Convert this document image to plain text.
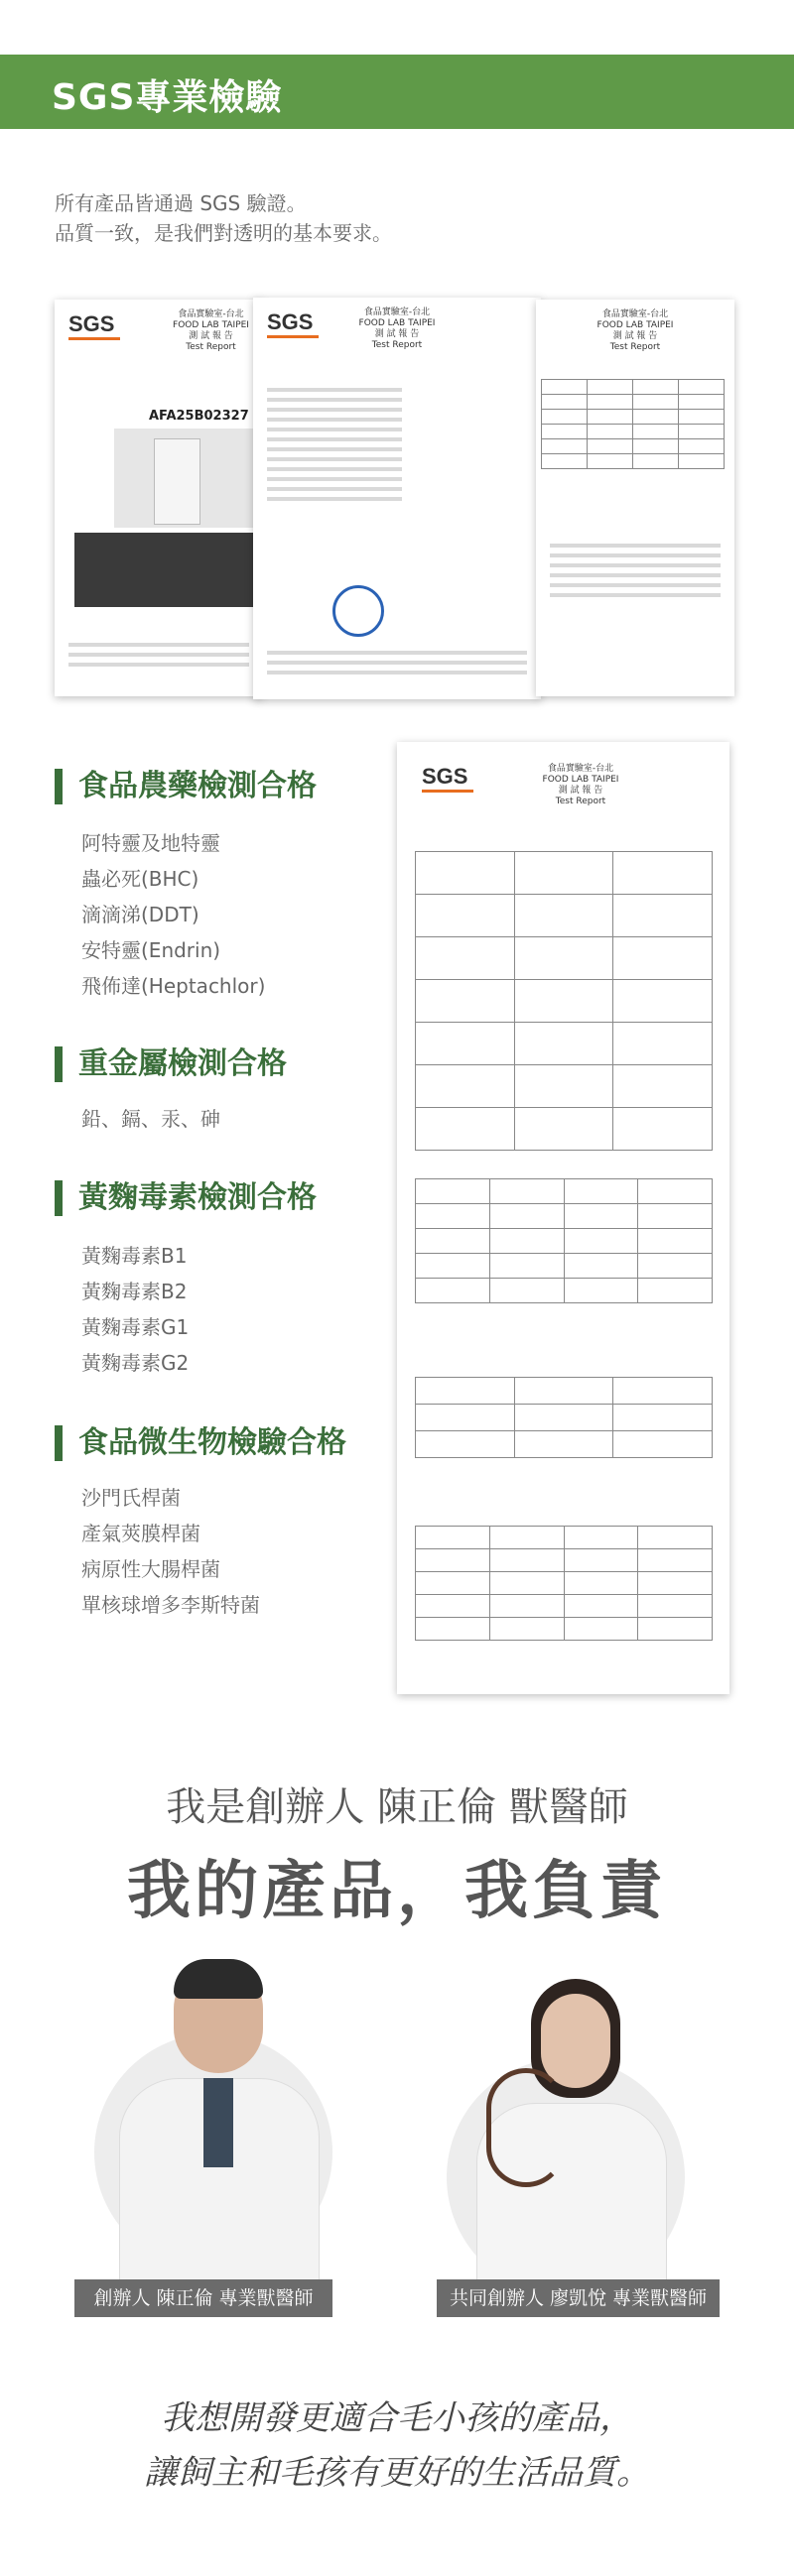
SGS專業檢驗
所有產品皆通過 SGS 驗證。
品質一致，是我們對透明的基本要求。
SGS	食品實驗室-台北
FOOD LAB TAIPEI
測 試 報 告
Test Report
AFA25B02327
SGS	食品實驗室-台北
FOOD LAB TAIPEI
測 試 報 告
Test Report
食品實驗室-台北
FOOD LAB TAIPEI
測 試 報 告
Test Report

SGS	食品實驗室-台北
FOOD LAB TAIPEI
測 試 報 告
Test Report

食品農藥檢測合格
阿特靈及地特靈
蟲必死(BHC)
滴滴涕(DDT)
安特靈(Endrin)
飛佈達(Heptachlor)
重金屬檢測合格
鉛、鎘、汞、砷
黃麴毒素檢測合格
黃麴毒素B1
黃麴毒素B2
黃麴毒素G1
黃麴毒素G2
食品微生物檢驗合格
沙門氏桿菌
產氣莢膜桿菌
病原性大腸桿菌
單核球增多李斯特菌
我是創辦人 陳正倫 獸醫師
我的產品，我負責
創辦人 陳正倫 專業獸醫師	共同創辦人 廖凱悅 專業獸醫師
我想開發更適合毛小孩的產品，
讓飼主和毛孩有更好的生活品質。
